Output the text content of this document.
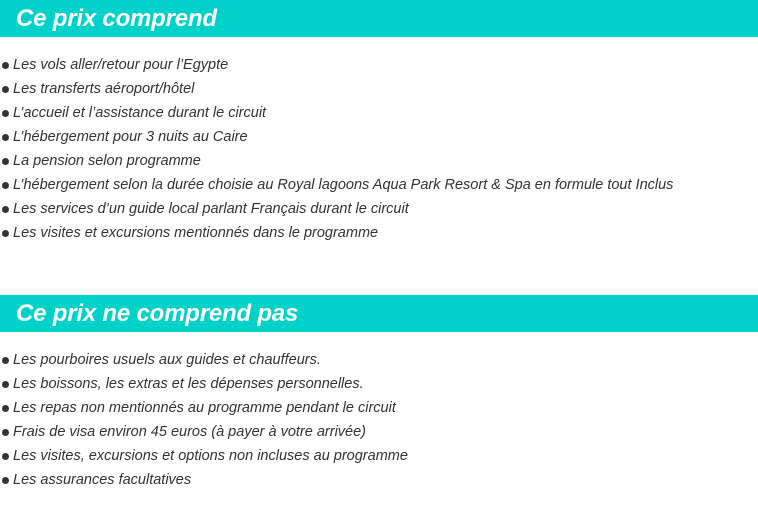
Ce prix comprend
Les vols aller/retour pour l’Egypte
Les transferts aéroport/hôtel
L’accueil et l’assistance durant le circuit
L’hébergement pour 3 nuits au Caire
La pension selon programme
L’hébergement selon la durée choisie au Royal lagoons Aqua Park Resort & Spa en formule tout Inclus
Les services d’un guide local parlant Français durant le circuit
Les visites et excursions mentionnés dans le programme
Ce prix ne comprend pas
Les pourboires usuels aux guides et chauffeurs.
Les boissons, les extras et les dépenses personnelles.
Les repas non mentionnés au programme pendant le circuit
Frais de visa environ 45 euros (à payer à votre arrivée)
Les visites, excursions et options non incluses au programme
Les assurances facultatives
